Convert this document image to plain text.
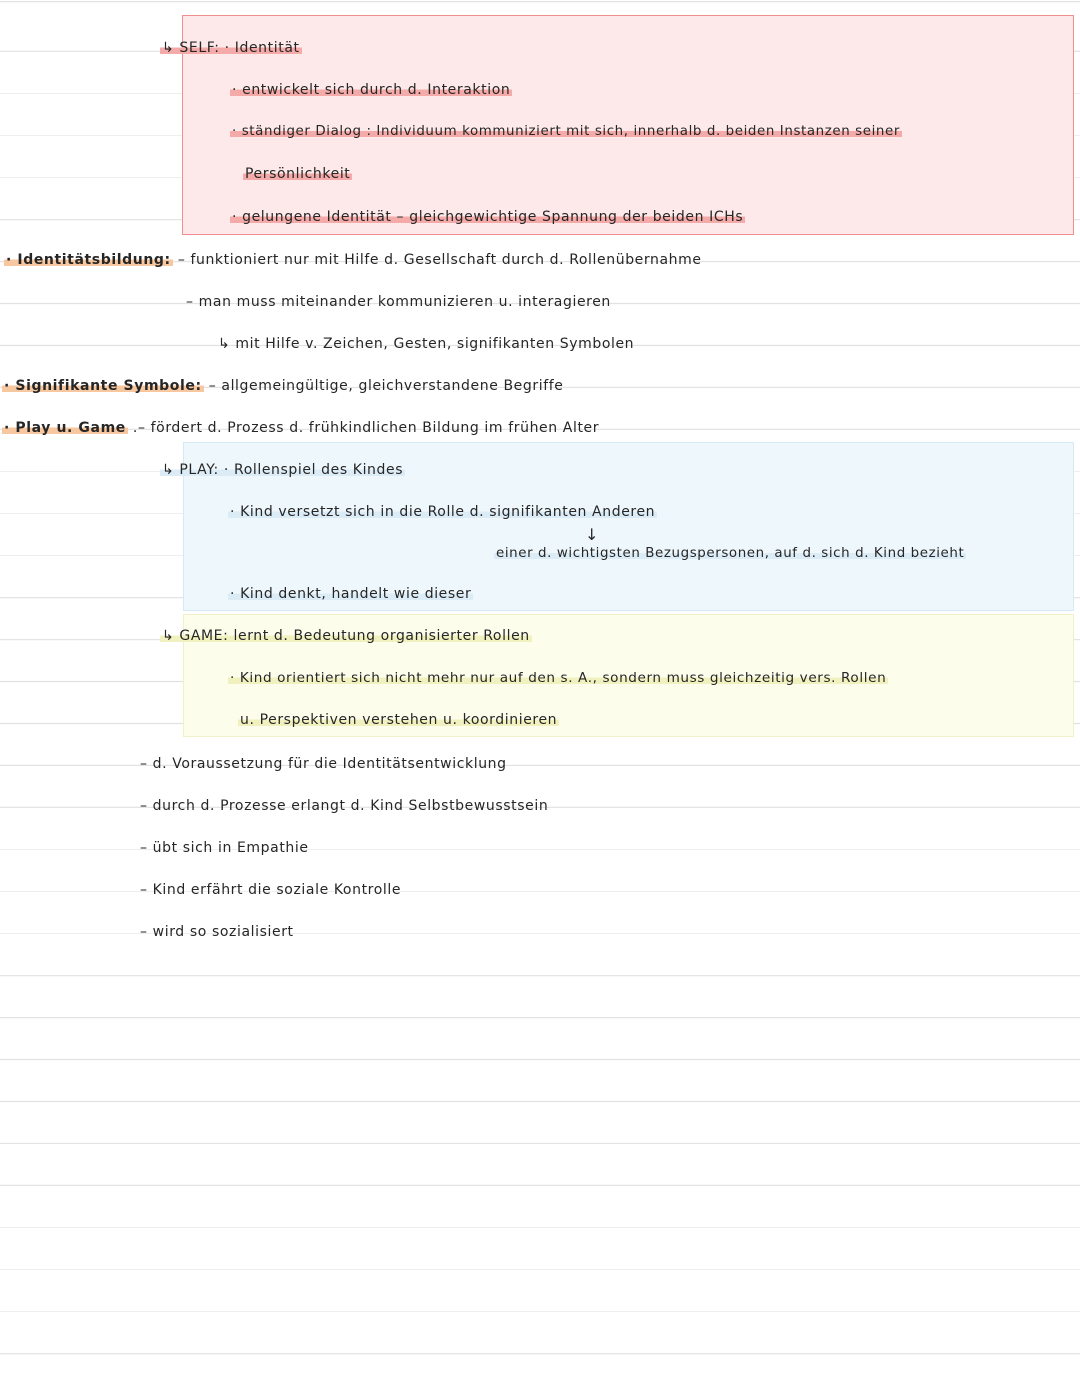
↳ SELF: · Identität
· entwickelt sich durch d. Interaktion
· ständiger Dialog : Individuum kommuniziert mit sich, innerhalb d. beiden Instanzen seiner
Persönlichkeit
· gelungene Identität – gleichgewichtige Spannung der beiden ICHs
· Identitätsbildung: – funktioniert nur mit Hilfe d. Gesellschaft durch d. Rollenübernahme
– man muss miteinander kommunizieren u. interagieren
↳ mit Hilfe v. Zeichen, Gesten, signifikanten Symbolen
· Signifikante Symbole: – allgemeingültige, gleichverstandene Begriffe
· Play u. Game .– fördert d. Prozess d. frühkindlichen Bildung im frühen Alter
↳ PLAY: · Rollenspiel des Kindes
· Kind versetzt sich in die Rolle d. signifikanten Anderen
↓
einer d. wichtigsten Bezugspersonen, auf d. sich d. Kind bezieht
· Kind denkt, handelt wie dieser
↳ GAME: lernt d. Bedeutung organisierter Rollen
· Kind orientiert sich nicht mehr nur auf den s. A., sondern muss gleichzeitig vers. Rollen
u. Perspektiven verstehen u. koordinieren
– d. Voraussetzung für die Identitätsentwicklung
– durch d. Prozesse erlangt d. Kind Selbstbewusstsein
– übt sich in Empathie
– Kind erfährt die soziale Kontrolle
– wird so sozialisiert
